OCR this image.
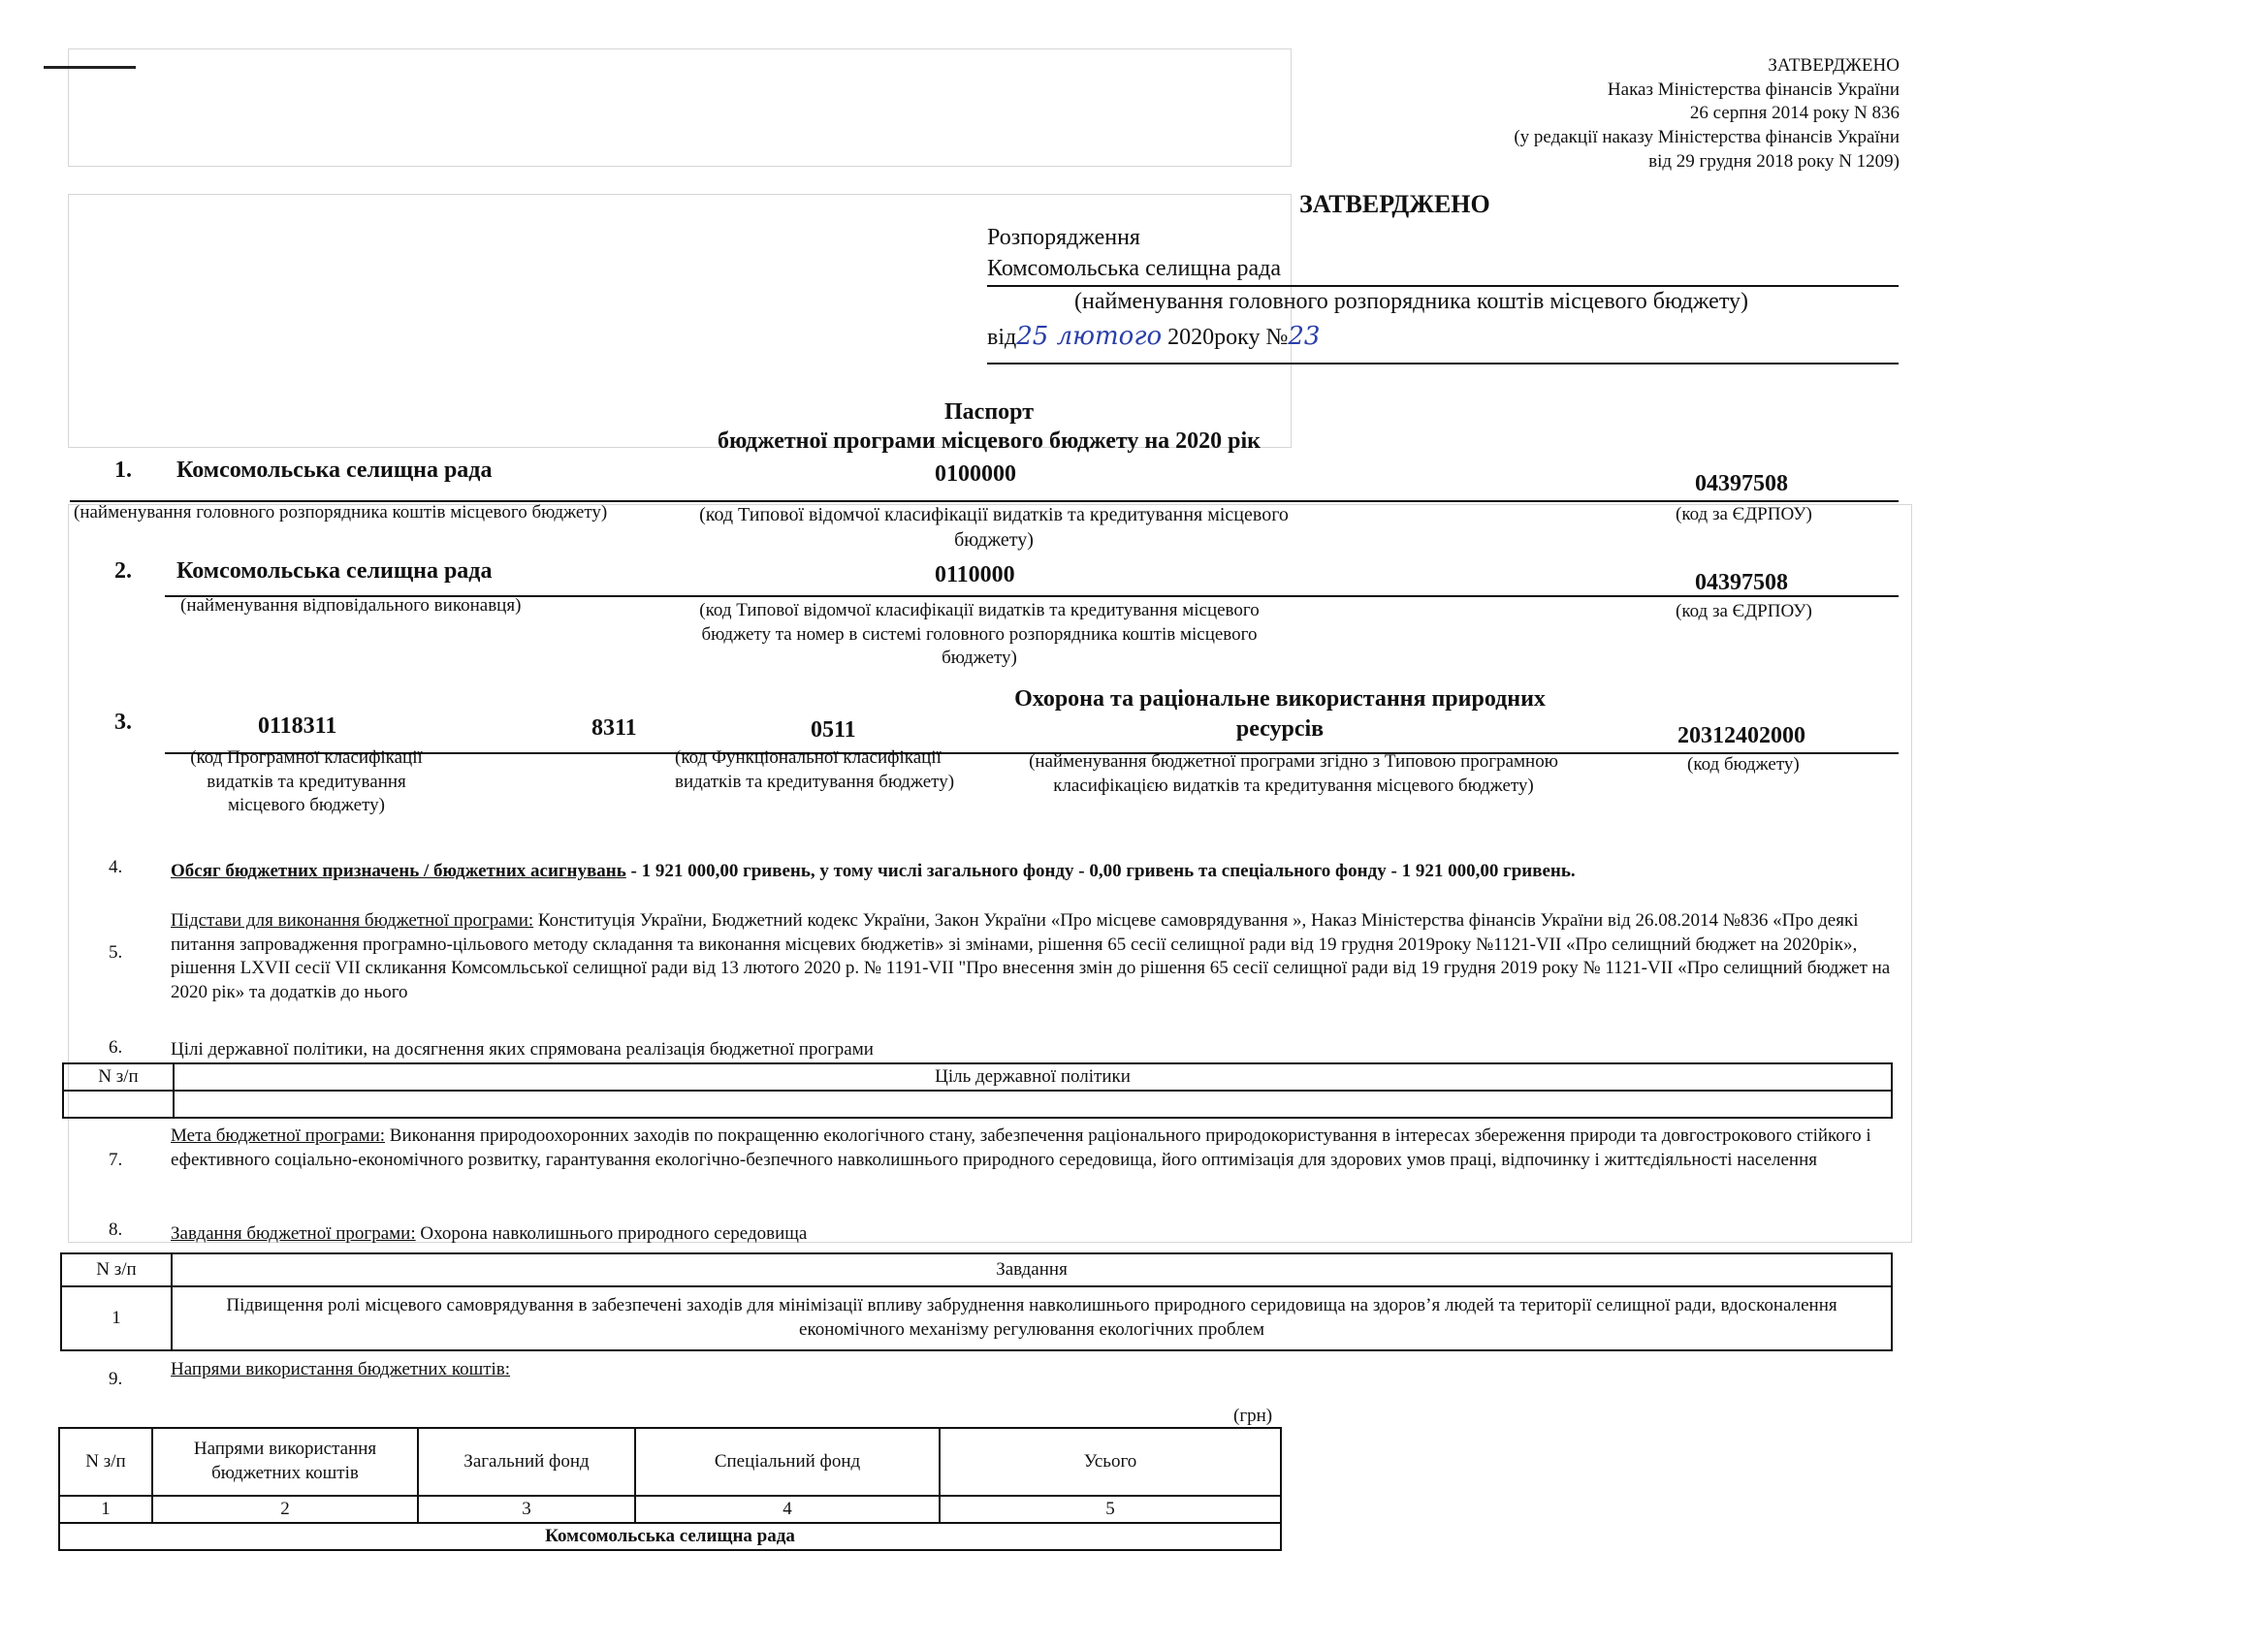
ЗАТВЕРДЖЕНО
Наказ Міністерства фінансів України
26 серпня 2014 року N 836
(у редакції наказу Міністерства фінансів України
від 29 грудня 2018 року N 1209)
ЗАТВЕРДЖЕНО
Розпорядження
Комсомольська селищна рада
(найменування головного розпорядника коштів місцевого бюджету)
від25 лютого 2020року №23
Паспорт
бюджетної програми місцевого бюджету на 2020 рік
1. Комсомольська селищна рада	0100000	04397508
(найменування головного розпорядника коштів місцевого бюджету)	(код Типової відомчої класифікації видатків та кредитування місцевого бюджету)
(код за ЄДРПОУ)
2. Комсомольська селищна рада	0110000	04397508
(найменування відповідального виконавця)	(код Типової відомчої класифікації видатків та кредитування місцевого бюджету та номер в системі головного розпорядника коштів місцевого бюджету)
(код за ЄДРПОУ)
3.	0118311	8311	0511
Охорона та раціональне використання природних ресурсів	20312402000
(код Програмної класифікації видатків та кредитування місцевого бюджету)
(код Функціональної класифікації видатків та кредитування бюджету)
(найменування бюджетної програми згідно з Типовою програмною класифікацією видатків та кредитування місцевого бюджету)
(код бюджету)
4.	Обсяг бюджетних призначень / бюджетних асигнувань - 1 921 000,00 гривень, у тому числі загального фонду - 0,00 гривень та спеціального фонду - 1 921 000,00 гривень.
5.
Підстави для виконання бюджетної програми: Конституція України, Бюджетний кодекс України, Закон України «Про місцеве самоврядування », Наказ Міністерства фінансів України від 26.08.2014 №836 «Про деякі питання запровадження програмно-цільового методу складання та виконання місцевих бюджетів» зі змінами, рішення 65 сесії селищної ради від 19 грудня 2019року №1121-VII «Про селищний бюджет на 2020рік», рішення LXVII сесії VII скликання Комсомльської селищної ради від 13 лютого 2020 р. № 1191-VII "Про внесення змін до рішення 65 сесії селищної ради від 19 грудня 2019 року № 1121-VII «Про селищний бюджет на 2020 рік» та додатків до нього
6.	Цілі державної політики, на досягнення яких спрямована реалізація бюджетної програми
N з/п	Ціль державної політики

7.
Мета бюджетної програми: Виконання природоохоронних заходів по покращенню екологічного стану, забезпечення раціонального природокористування в інтересах збереження природи та довгострокового стійкого і ефективного соціально-економічного розвитку, гарантування екологічно-безпечного навколишнього природного середовища, його оптимізація для здорових умов праці, відпочинку і життєдіяльності населення
8.	Завдання бюджетної програми: Охорона навколишнього природного середовища
N з/п	Завдання
1	Підвищення ролі місцевого самоврядування в забезпечені заходів для мінімізації впливу забруднення навколишнього природного серидовища на здоров’я людей та території селищної ради, вдосконалення економічного механізму регулювання екологічних проблем
9.	Напрями використання бюджетних коштів:
(грн)
N з/п	Напрями використання бюджетних коштів	Загальний фонд	Спеціальний фонд	Усього
1	2	3	4	5
Комсомольська селищна рада				
